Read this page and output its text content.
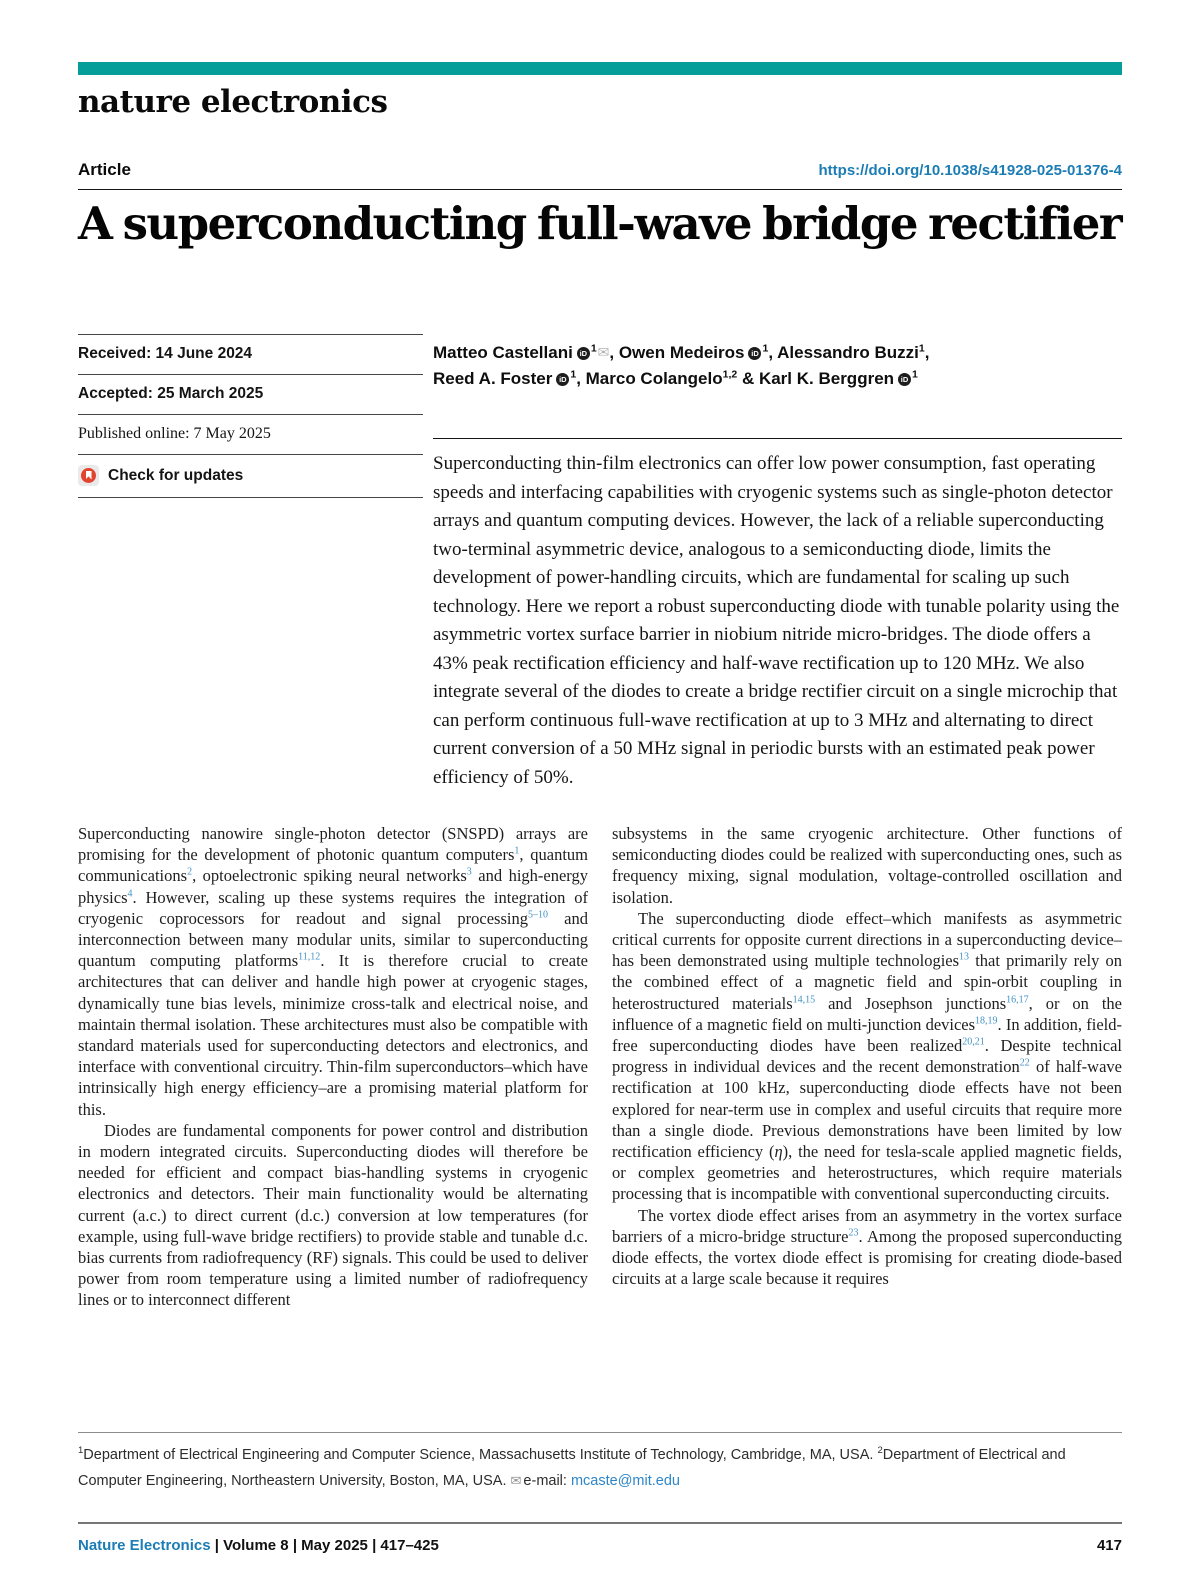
nature electronics
Article	https://doi.org/10.1038/s41928-025-01376-4
A superconducting full-wave bridge rectifier
Received: 14 June 2024
Accepted: 25 March 2025
Published online: 7 May 2025
Check for updates
Matteo Castellani iD $^1$✉, Owen Medeiros iD $^1$, Alessandro Buzzi$^1$,
Reed A. Foster iD $^1$, Marco Colangelo$^{1,2}$ & Karl K. Berggren iD $^1$
Superconducting thin-film electronics can offer low power consumption, fast operating speeds and interfacing capabilities with cryogenic systems such as single-photon detector arrays and quantum computing devices. However, the lack of a reliable superconducting two-terminal asymmetric device, analogous to a semiconducting diode, limits the development of power-handling circuits, which are fundamental for scaling up such technology. Here we report a robust superconducting diode with tunable polarity using the asymmetric vortex surface barrier in niobium nitride micro-bridges. The diode offers a 43% peak rectification efficiency and half-wave rectification up to 120 MHz. We also integrate several of the diodes to create a bridge rectifier circuit on a single microchip that can perform continuous full-wave rectification at up to 3 MHz and alternating to direct current conversion of a 50 MHz signal in periodic bursts with an estimated peak power efficiency of 50%.

Superconducting nanowire single-photon detector (SNSPD) arrays are promising for the development of photonic quantum computers$^1$, quantum communications$^2$, optoelectronic spiking neural networks$^3$ and high-energy physics$^4$. However, scaling up these systems requires the integration of cryogenic coprocessors for readout and signal processing$^{5-10}$ and interconnection between many modular units, similar to superconducting quantum computing platforms$^{11,12}$. It is therefore crucial to create architectures that can deliver and handle high power at cryogenic stages, dynamically tune bias levels, minimize cross-talk and electrical noise, and maintain thermal isolation. These architectures must also be compatible with standard materials used for superconducting detectors and electronics, and interface with conventional circuitry. Thin-film superconductors–which have intrinsically high energy efficiency–are a promising material platform for this.

Diodes are fundamental components for power control and distribution in modern integrated circuits. Superconducting diodes will therefore be needed for efficient and compact bias-handling systems in cryogenic electronics and detectors. Their main functionality would be alternating current (a.c.) to direct current (d.c.) conversion at low temperatures (for example, using full-wave bridge rectifiers) to provide stable and tunable d.c. bias currents from radiofrequency (RF) signals. This could be used to deliver power from room temperature using a limited number of radiofrequency lines or to interconnect different

subsystems in the same cryogenic architecture. Other functions of semiconducting diodes could be realized with superconducting ones, such as frequency mixing, signal modulation, voltage-controlled oscillation and isolation.

The superconducting diode effect–which manifests as asymmetric critical currents for opposite current directions in a superconducting device–has been demonstrated using multiple technologies$^{13}$ that primarily rely on the combined effect of a magnetic field and spin-orbit coupling in heterostructured materials$^{14,15}$ and Josephson junctions$^{16,17}$, or on the influence of a magnetic field on multi-junction devices$^{18,19}$. In addition, field-free superconducting diodes have been realized$^{20,21}$. Despite technical progress in individual devices and the recent demonstration$^{22}$ of half-wave rectification at 100 kHz, superconducting diode effects have not been explored for near-term use in complex and useful circuits that require more than a single diode. Previous demonstrations have been limited by low rectification efficiency (η), the need for tesla-scale applied magnetic fields, or complex geometries and heterostructures, which require materials processing that is incompatible with conventional superconducting circuits.

The vortex diode effect arises from an asymmetry in the vortex surface barriers of a micro-bridge structure$^{23}$. Among the proposed superconducting diode effects, the vortex diode effect is promising for creating diode-based circuits at a large scale because it requires

$^1$Department of Electrical Engineering and Computer Science, Massachusetts Institute of Technology, Cambridge, MA, USA. $^2$Department of Electrical and Computer Engineering, Northeastern University, Boston, MA, USA. ✉ e-mail: mcaste@mit.edu
Nature Electronics | Volume 8 | May 2025 | 417–425	417
